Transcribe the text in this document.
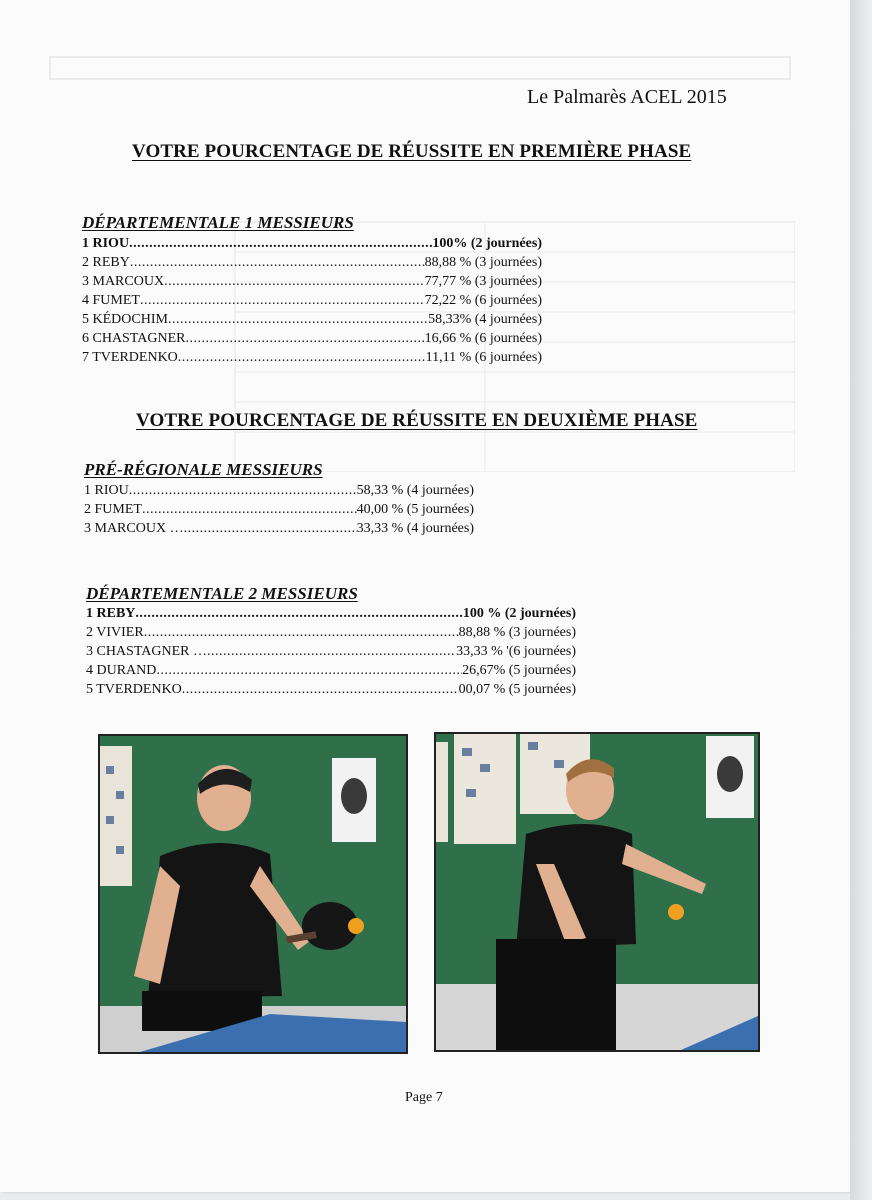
Le Palmarès ACEL 2015
VOTRE POURCENTAGE DE RÉUSSITE EN PREMIÈRE PHASE
DÉPARTEMENTALE 1 MESSIEURS
1 RIOU .....	100% (2 journées)
2 REBY .....	88,88 % (3 journées)
3 MARCOUX .....	77,77 % (3 journées)
4 FUMET .....	72,22 % (6 journées)
5 KÉDOCHIM .....	58,33% (4 journées)
6 CHASTAGNER .....	16,66 % (6 journées)
7 TVERDENKO .....	11,11 % (6 journées)
VOTRE POURCENTAGE DE RÉUSSITE EN DEUXIÈME PHASE
PRÉ-RÉGIONALE MESSIEURS
1 RIOU .....	58,33 % (4 journées)
2 FUMET .....	40,00 % (5 journées)
3 MARCOUX … .....	33,33 % (4 journées)
DÉPARTEMENTALE 2 MESSIEURS
1 REBY .....	100 % (2 journées)
2 VIVIER .....	88,88 % (3 journées)
3 CHASTAGNER … .....	33,33 % '(6 journées)
4 DURAND .....	26,67% (5 journées)
5 TVERDENKO .....	00,07 % (5 journées)
Page 7
